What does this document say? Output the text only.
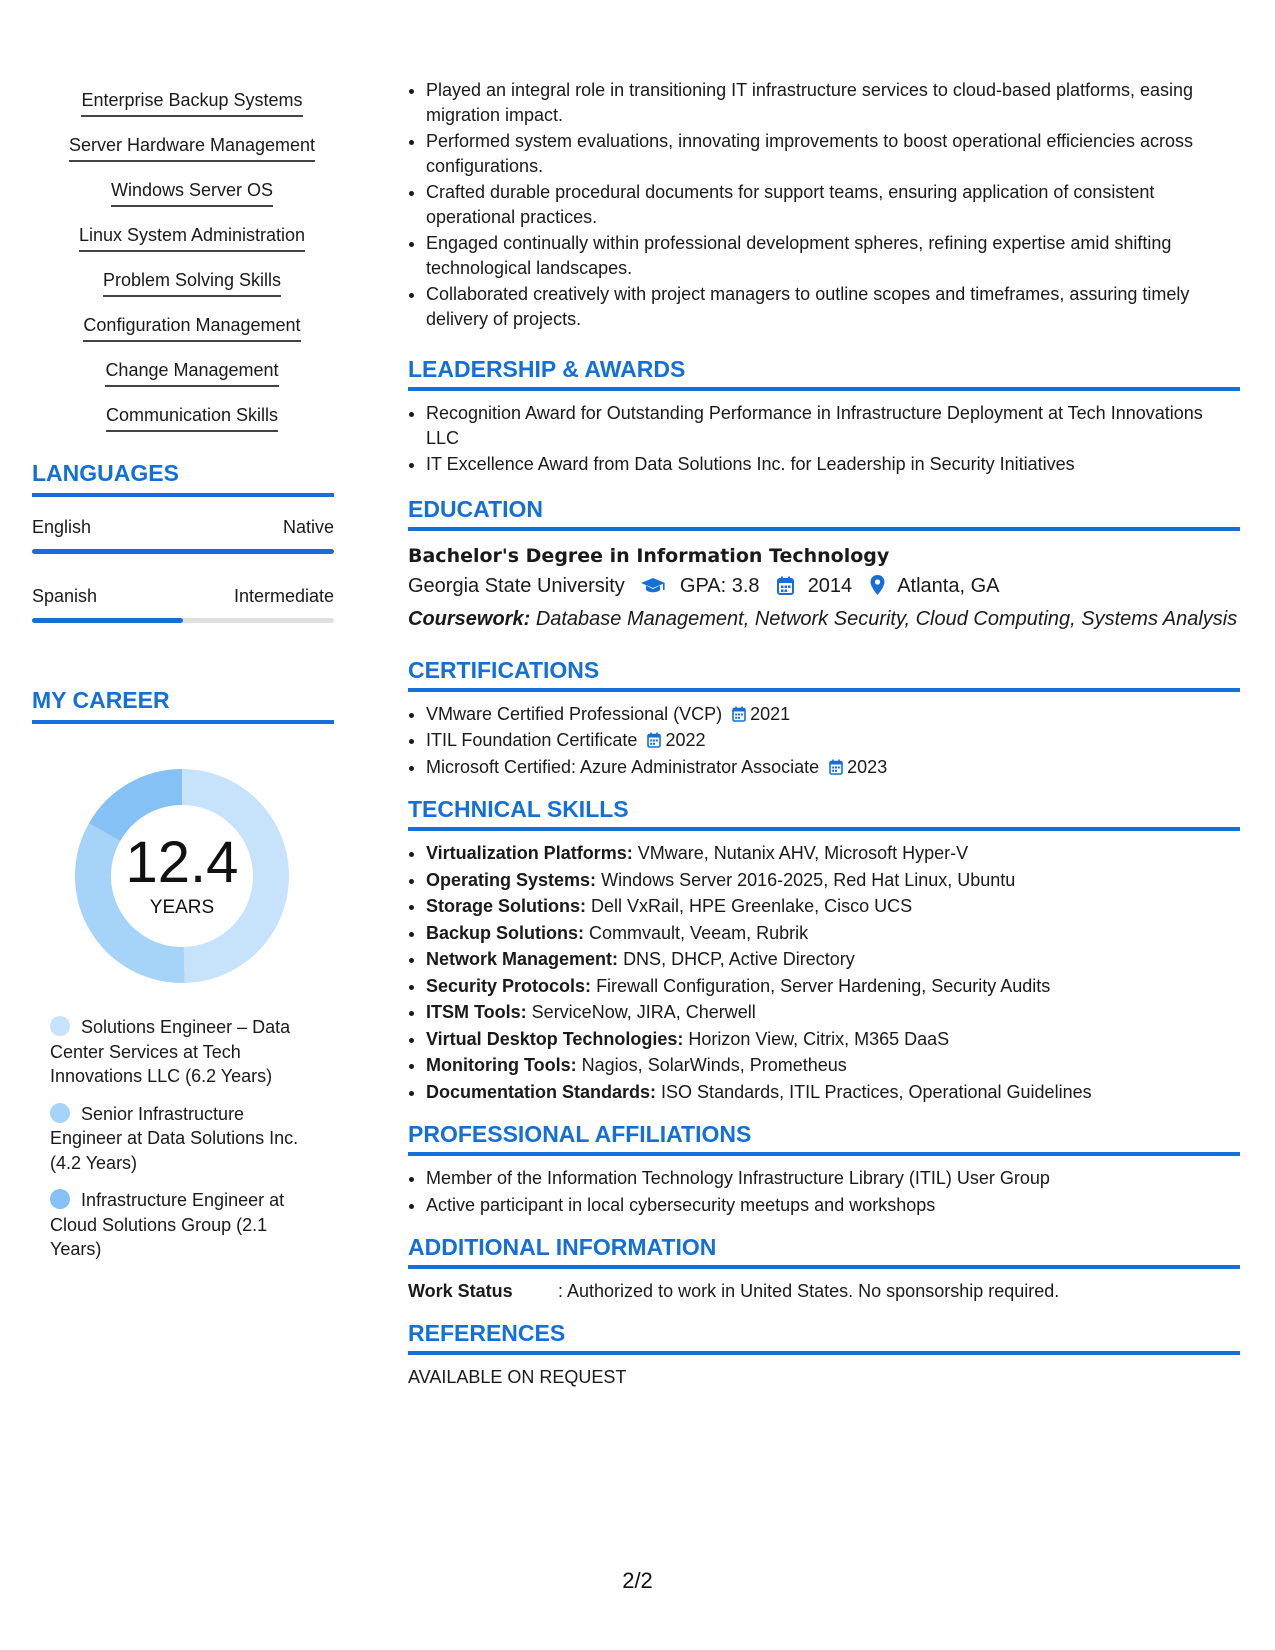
Enterprise Backup Systems
Server Hardware Management
Windows Server OS
Linux System Administration
Problem Solving Skills
Configuration Management
Change Management
Communication Skills
LANGUAGES
English	Native
Spanish	Intermediate
MY CAREER
12.4
YEARS
Solutions Engineer – Data Center Services at Tech Innovations LLC (6.2 Years)
Senior Infrastructure Engineer at Data Solutions Inc. (4.2 Years)
Infrastructure Engineer at Cloud Solutions Group (2.1 Years)
• Played an integral role in transitioning IT infrastructure services to cloud-based platforms, easing migration impact.
• Performed system evaluations, innovating improvements to boost operational efficiencies across configurations.
• Crafted durable procedural documents for support teams, ensuring application of consistent operational practices.
• Engaged continually within professional development spheres, refining expertise amid shifting technological landscapes.
• Collaborated creatively with project managers to outline scopes and timeframes, assuring timely delivery of projects.
LEADERSHIP & AWARDS
• Recognition Award for Outstanding Performance in Infrastructure Deployment at Tech Innovations LLC
• IT Excellence Award from Data Solutions Inc. for Leadership in Security Initiatives
EDUCATION
Bachelor's Degree in Information Technology
Georgia State University	GPA: 3.8 2014 Atlanta, GA
Coursework: Database Management, Network Security, Cloud Computing, Systems Analysis
CERTIFICATIONS
• VMware Certified Professional (VCP) 2021
• ITIL Foundation Certificate 2022
• Microsoft Certified: Azure Administrator Associate 2023
TECHNICAL SKILLS
• Virtualization Platforms: VMware, Nutanix AHV, Microsoft Hyper-V
• Operating Systems: Windows Server 2016-2025, Red Hat Linux, Ubuntu
• Storage Solutions: Dell VxRail, HPE Greenlake, Cisco UCS
• Backup Solutions: Commvault, Veeam, Rubrik
• Network Management: DNS, DHCP, Active Directory
• Security Protocols: Firewall Configuration, Server Hardening, Security Audits
• ITSM Tools: ServiceNow, JIRA, Cherwell
• Virtual Desktop Technologies: Horizon View, Citrix, M365 DaaS
• Monitoring Tools: Nagios, SolarWinds, Prometheus
• Documentation Standards: ISO Standards, ITIL Practices, Operational Guidelines
PROFESSIONAL AFFILIATIONS
• Member of the Information Technology Infrastructure Library (ITIL) User Group
• Active participant in local cybersecurity meetups and workshops
ADDITIONAL INFORMATION
Work Status	: Authorized to work in United States. No sponsorship required.
REFERENCES
AVAILABLE ON REQUEST
2/2
